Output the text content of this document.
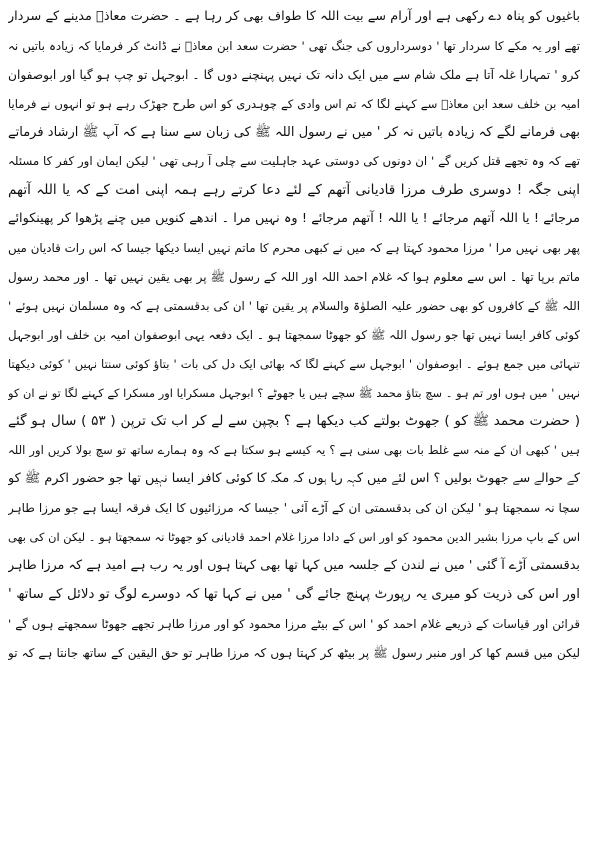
باغیوں کو پناہ دے رکھی ہے اور آرام سے بیت اللہ کا طواف بھی کر رہا ہے ۔ حضرت معاذؓ مدینے کے سردار
تھے اور یہ مکے کا سردار تھا ' دوسرداروں کی جنگ تھی ' حضرت سعد ابن معاذؓ نے ڈانٹ کر فرمایا کہ زیادہ باتیں نہ
کرو ' تمہارا غلہ آتا ہے ملک شام سے میں ایک دانہ تک نہیں پہنچنے دوں گا ۔ ابوجہل تو چپ ہو گیا اور ابوصفوان
امیہ بن خلف سعد ابن معاذؓ سے کہنے لگا کہ تم اس وادی کے چوہدری کو اس طرح جھڑک رہے ہو تو انہوں نے فرمایا
بھی فرمانے لگے کہ زیادہ باتیں نہ کر ' میں نے رسول اللہ ﷺ کی زبان سے سنا ہے کہ آپ ﷺ ارشاد فرماتے
تھے کہ وہ تجھے قتل کریں گے ' ان دونوں کی دوستی عہد جاہلیت سے چلی آ رہی تھی ' لیکن ایمان اور کفر کا مسئلہ
اپنی جگہ ! دوسری طرف مرزا قادیانی آتھم کے لئے دعا کرتے رہے ہمہ اپنی امت کے کہ یا اللہ آتھم
مرجائے ! یا اللہ آتھم مرجائے ! یا اللہ ! آتھم مرجائے ! وہ نہیں مرا ۔ اندھے کنویں میں چنے پڑھوا کر پھینکوائے
پھر بھی نہیں مرا ' مرزا محمود کہتا ہے کہ میں نے کبھی محرم کا ماتم نہیں ایسا دیکھا جیسا کہ اس رات قادیان میں
ماتم برپا تھا ۔ اس سے معلوم ہوا کہ غلام احمد اللہ اور اللہ کے رسول ﷺ پر بھی یقین نہیں تھا ۔ اور محمد رسول
اللہ ﷺ کے کافروں کو بھی حضور علیہ الصلوٰۃ والسلام پر یقین تھا ' ان کی بدقسمتی ہے کہ وہ مسلمان نہیں ہوئے '
کوئی کافر ایسا نہیں تھا جو رسول اللہ ﷺ کو جھوٹا سمجھتا ہو ۔ ایک دفعہ یہی ابوصفوان امیہ بن خلف اور ابوجہل
تنہائی میں جمع ہوئے ۔ ابوصفوان ' ابوجہل سے کہنے لگا کہ بھائی ایک دل کی بات ' بتاؤ کوئی سنتا نہیں ' کوئی دیکھتا
نہیں ' میں ہوں اور تم ہو ۔ سچ بتاؤ محمد ﷺ سچے ہیں یا جھوٹے ؟ ابوجہل مسکرایا اور مسکرا کے کہنے لگا تو نے ان کو
( حضرت محمد ﷺ کو ) جھوٹ بولتے کب دیکھا ہے ؟ بچپن سے لے کر اب تک ترپن ( ۵۳ ) سال ہو گئے
ہیں ' کبھی ان کے منہ سے غلط بات بھی سنی ہے ؟ یہ کیسے ہو سکتا ہے کہ وہ ہمارے ساتھ تو سچ بولا کریں اور اللہ
کے حوالے سے جھوٹ بولیں ؟ اس لئے میں کہہ رہا ہوں کہ مکہ کا کوئی کافر ایسا نہیں تھا جو حضور اکرم ﷺ کو
سچا نہ سمجھتا ہو ' لیکن ان کی بدقسمتی ان کے آڑے آئی ' جیسا کہ مرزائیوں کا ایک فرقہ ایسا ہے جو مرزا طاہر
اس کے باپ مرزا بشیر الدین محمود کو اور اس کے دادا مرزا غلام احمد قادیانی کو جھوٹا نہ سمجھتا ہو ۔ لیکن ان کی بھی
بدقسمتی آڑے آ گئی ' میں نے لندن کے جلسہ میں کہا تھا بھی کہتا ہوں اور یہ رب ہے امید ہے کہ مرزا طاہر
اور اس کی ذریت کو میری یہ رپورٹ پہنچ جائے گی ' میں نے کہا تھا کہ دوسرے لوگ تو دلائل کے ساتھ '
قرائن اور قیاسات کے ذریعے غلام احمد کو ' اس کے بیٹے مرزا محمود کو اور مرزا طاہر تجھے جھوٹا سمجھتے ہوں گے '
لیکن میں قسم کھا کر اور منبر رسول ﷺ پر بیٹھ کر کہتا ہوں کہ مرزا طاہر تو حق الیقین کے ساتھ جانتا ہے کہ تو
